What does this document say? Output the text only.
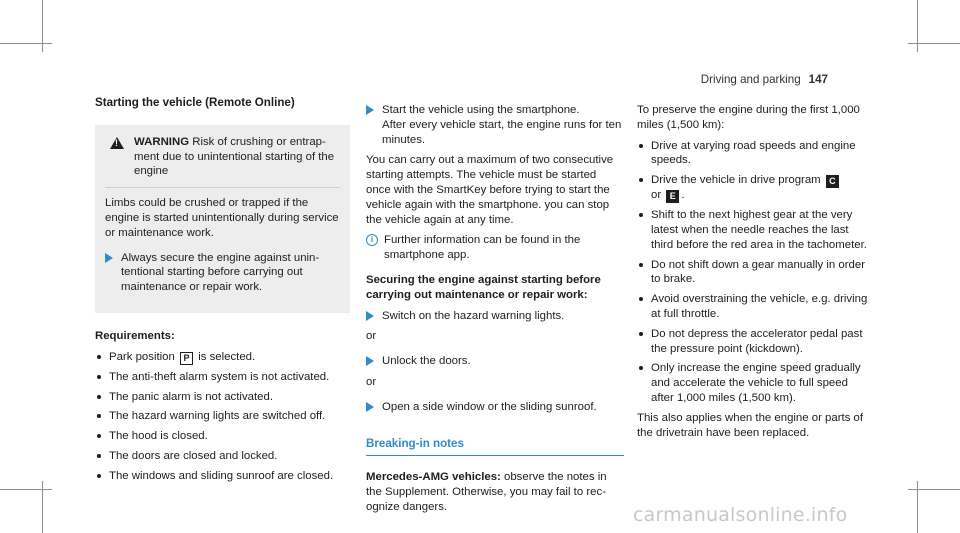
Driving and parking 147
Starting the vehicle (Remote Online)
!
WARNING Risk of crushing or entrapment due to unintentional starting of the engine

Limbs could be crushed or trapped if the engine is started unintentionally during service or maintenance work.

Always secure the engine against unintentional starting before carrying out maintenance or repair work.
Requirements:
Park position P is selected.
The anti-theft alarm system is not activated.
The panic alarm is not activated.
The hazard warning lights are switched off.
The hood is closed.
The doors are closed and locked.
The windows and sliding sunroof are closed.
Start the vehicle using the smartphone.
After every vehicle start, the engine runs for ten minutes.

You can carry out a maximum of two consecutive starting attempts. The vehicle must be started once with the SmartKey before trying to start the vehicle again with the smartphone. you can stop the vehicle again at any time.

i Further information can be found in the smartphone app.
Securing the engine against starting before carrying out maintenance or repair work:
Switch on the hazard warning lights.
or
Unlock the doors.
or
Open a side window or the sliding sunroof.
Breaking-in notes

Mercedes-AMG vehicles: observe the notes in the Supplement. Otherwise, you may fail to recognize dangers.

To preserve the engine during the first 1,000 miles (1,500 km):

Drive at varying road speeds and engine speeds.
Drive the vehicle in drive program C
or E .
Shift to the next highest gear at the very latest when the needle reaches the last third before the red area in the tachometer.
Do not shift down a gear manually in order to brake.
Avoid overstraining the vehicle, e.g. driving at full throttle.
Do not depress the accelerator pedal past the pressure point (kickdown).
Only increase the engine speed gradually and accelerate the vehicle to full speed after 1,000 miles (1,500 km).

This also applies when the engine or parts of the drivetrain have been replaced.

carmanualsonline.info
